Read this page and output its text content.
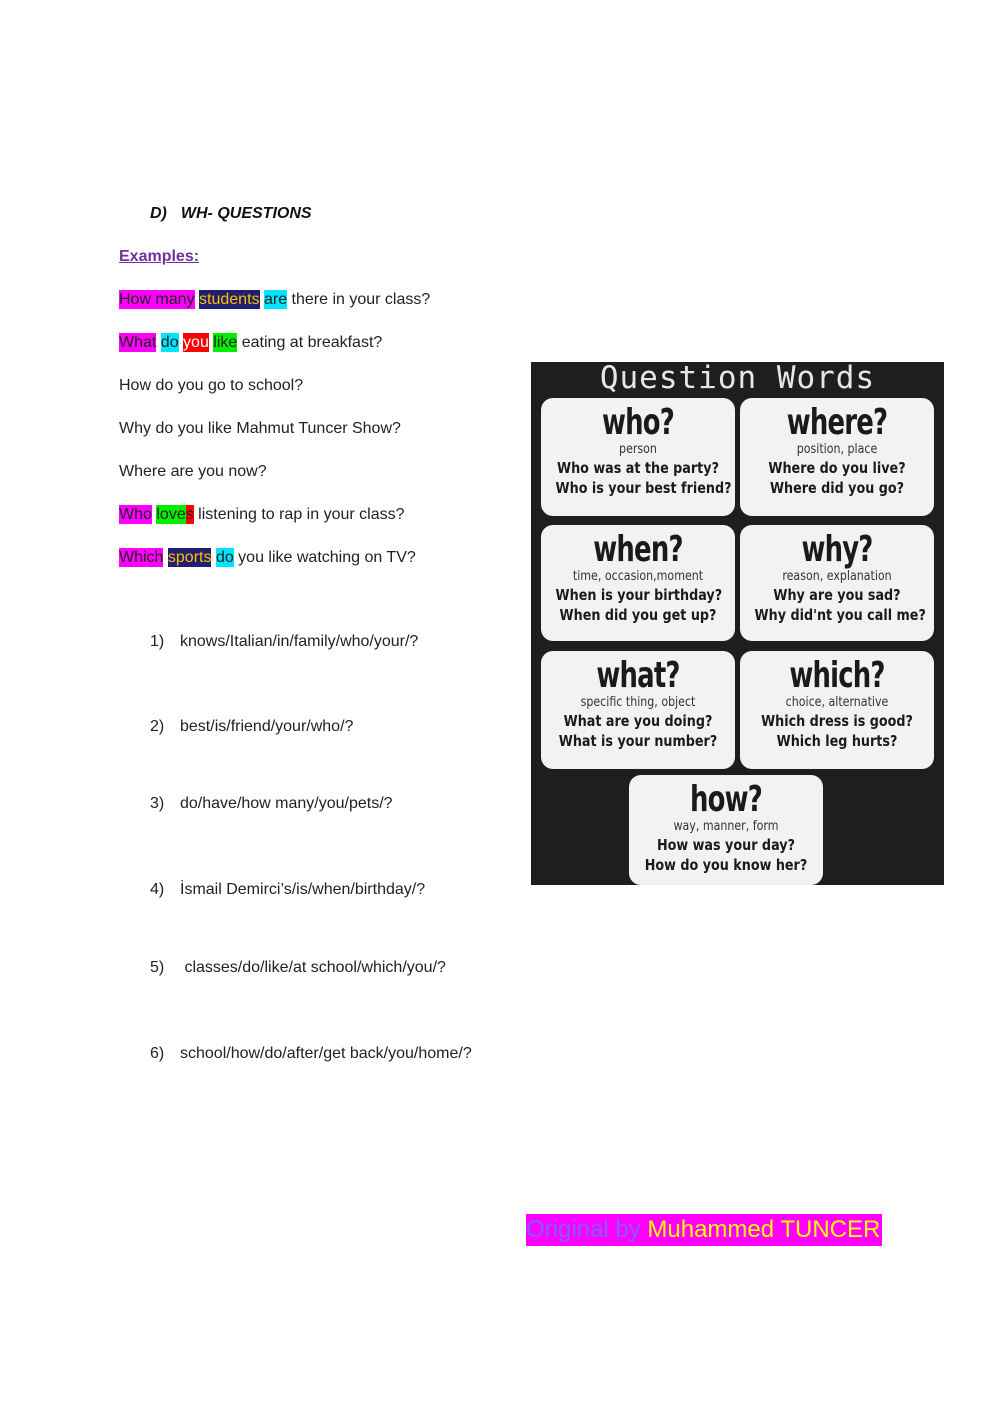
D) WH- QUESTIONS
Examples:
How many students are there in your class?
What do you like eating at breakfast?
How do you go to school?
Why do you like Mahmut Tuncer Show?
Where are you now?
Who loves listening to rap in your class?
Which sports do you like watching on TV?
1) knows/Italian/in/family/who/your/?
2) best/is/friend/your/who/?
3) do/have/how many/you/pets/?
4) İsmail Demirci’s/is/when/birthday/?
5) classes/do/like/at school/which/you/?
6) school/how/do/after/get back/you/home/?
Question Words
who?
person
Who was at the party?
Who is your best friend?
where?
position, place
Where do you live?
Where did you go?
when?
time, occasion,moment
When is your birthday?
When did you get up?
why?
reason, explanation
Why are you sad?
Why did'nt you call me?
what?
specific thing, object
What are you doing?
What is your number?
which?
choice, alternative
Which dress is good?
Which leg hurts?
how?
way, manner, form
How was your day?
How do you know her?
Original by Muhammed TUNCER
